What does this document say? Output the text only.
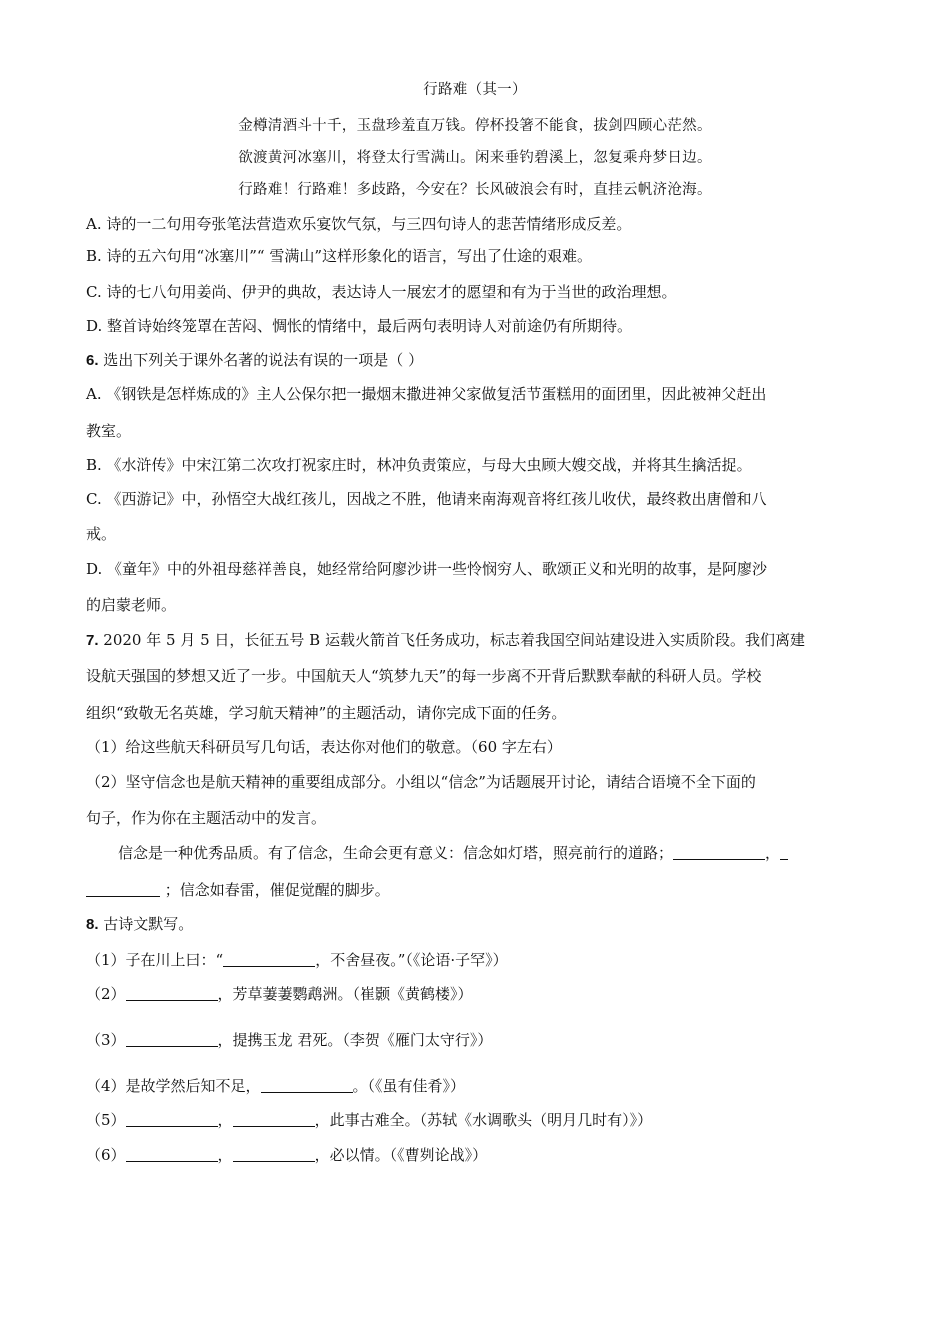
行路难（其一）
金樽清酒斗十千，玉盘珍羞直万钱。停杯投箸不能食，拔剑四顾心茫然。
欲渡黄河冰塞川，将登太行雪满山。闲来垂钓碧溪上，忽复乘舟梦日边。
行路难！行路难！多歧路，今安在？长风破浪会有时，直挂云帆济沧海。
A. 诗的一二句用夸张笔法营造欢乐宴饮气氛，与三四句诗人的悲苦情绪形成反差。
B. 诗的五六句用“冰塞川”“ 雪满山”这样形象化的语言，写出了仕途的艰难。
C. 诗的七八句用姜尚、伊尹的典故，表达诗人一展宏才的愿望和有为于当世的政治理想。
D. 整首诗始终笼罩在苦闷、惆怅的情绪中，最后两句表明诗人对前途仍有所期待。
6. 选出下列关于课外名著的说法有误的一项是（ ）
A. 《钢铁是怎样炼成的》主人公保尔把一撮烟末撒进神父家做复活节蛋糕用的面团里，因此被神父赶出
教室。
B. 《水浒传》中宋江第二次攻打祝家庄时，林冲负责策应，与母大虫顾大嫂交战，并将其生擒活捉。
C. 《西游记》中，孙悟空大战红孩儿，因战之不胜，他请来南海观音将红孩儿收伏，最终救出唐僧和八
戒。
D. 《童年》中的外祖母慈祥善良，她经常给阿廖沙讲一些怜悯穷人、歌颂正义和光明的故事，是阿廖沙
的启蒙老师。
7. 2020 年 5 月 5 日，长征五号 B 运载火箭首飞任务成功，标志着我国空间站建设进入实质阶段。我们离建
设航天强国的梦想又近了一步。中国航天人“筑梦九天”的每一步离不开背后默默奉献的科研人员。学校
组织“致敬无名英雄，学习航天精神”的主题活动，请你完成下面的任务。
（1）给这些航天科研员写几句话，表达你对他们的敬意。（60 字左右）
（2）坚守信念也是航天精神的重要组成部分。小组以“信念”为话题展开讨论，请结合语境不全下面的
句子，作为你在主题活动中的发言。
信念是一种优秀品质。有了信念，生命会更有意义：信念如灯塔，照亮前行的道路；	，
；信念如春雷，催促觉醒的脚步。
8. 古诗文默写。
（1）子在川上曰：“	，不舍昼夜。”（《论语·子罕》）
（2）	，芳草萋萋鹦鹉洲。（崔颢《黄鹤楼》）
（3）	，提携玉龙 君死。（李贺《雁门太守行》）
（4）是故学然后知不足，	。（《虽有佳肴》）
（5）	，	，此事古难全。（苏轼《水调歌头（明月几时有）》）
（6）	，	，必以情。（《曹刿论战》）
